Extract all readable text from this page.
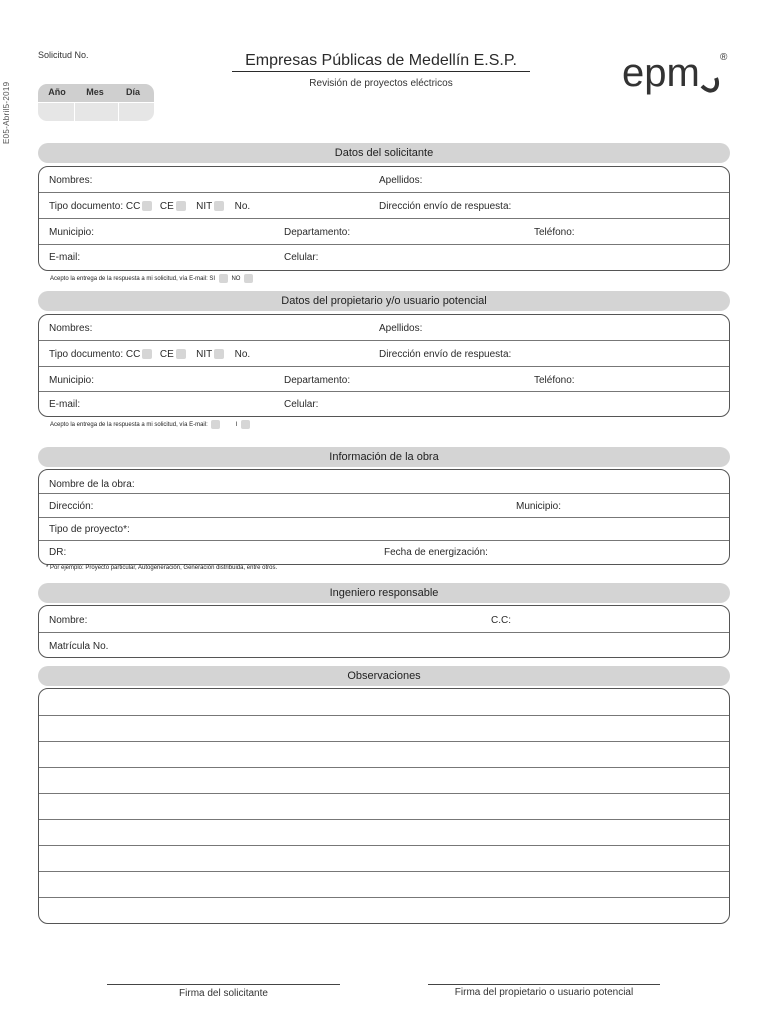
E05-Abril5-2019
Solicitud No.
Año	Mes	Día
Empresas Públicas de Medellín E.S.P.
Revisión de proyectos eléctricos	epm ®
Datos del solicitante
Nombres:	Apellidos:
Tipo documento: CC CE NIT No.	Dirección envío de respuesta:
Municipio:	Departamento:	Teléfono:
E-mail:	Celular:
Acepto la entrega de la respuesta a mi solicitud, vía E-mail: SI	NO
Datos del propietario y/o usuario potencial
Nombres:	Apellidos:
Tipo documento: CC CE NIT No.	Dirección envío de respuesta:
Municipio:	Departamento:	Teléfono:
E-mail:	Celular:
Acepto la entrega de la respuesta a mi solicitud, vía E-mail:	I
Información de la obra
Nombre de la obra:
Dirección:	Municipio:
Tipo de proyecto*:
DR:	Fecha de energización:
* Por ejemplo: Proyecto particular, Autogeneración, Generación distribuida, entre otros.
Ingeniero responsable
Nombre:	C.C:
Matrícula No.
Observaciones
Firma del solicitante	Firma del propietario o usuario potencial
